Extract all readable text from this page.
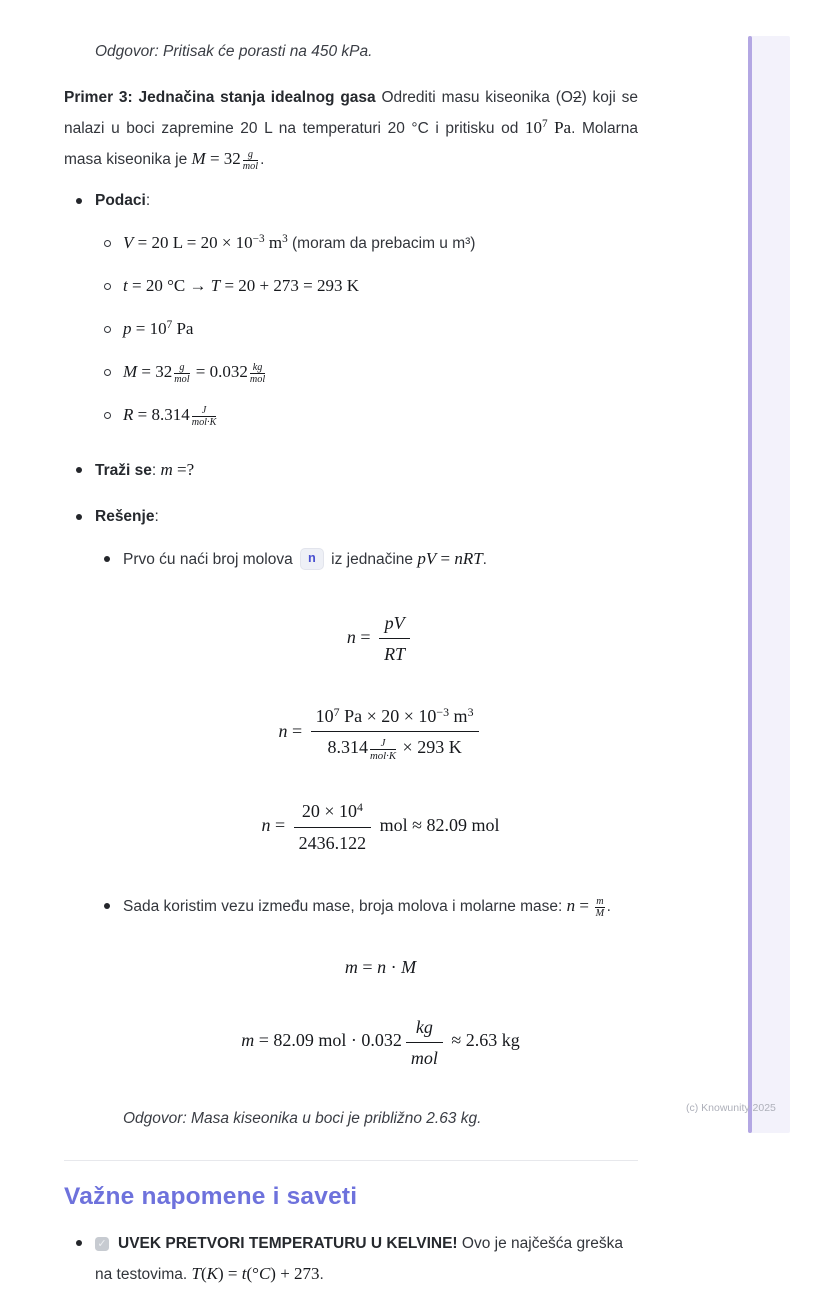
Odgovor: Pritisak će porasti na 450 kPa.

Primer 3: Jednačina stanja idealnog gasa Odrediti masu kiseonika (O2) koji se nalazi u boci zapremine 20 L na temperaturi 20 °C i pritisku od $10^7$ Pa. Molarna masa kiseonika je M = 32 g
mol .

Podaci:
V = 20 $L = 20 \times 10^{-3}$ $m^3$ (moram da prebacim u m³)
t = 20 °C → T = 20 + 273 = 293 K
$p = 10^7$ Pa
M = 32 g
mol = 0.032 kg
mol
R = 8.314	J
mol·K
Traži se: m =?
Rešenje:
Prvo ću naći broj molova n iz jednačine pV = nRT.
$n = \frac{pV}{RT}$
n =
$10^7$ $Pa \times 20 \times 10^{-3}$ $m^3$
8.314	J
mol·K × 293 K
$n = \frac{20 \times 10^4}{2436.122}$ mol ≈ 82.09 mol
Sada koristim vezu između mase, broja molova i molarne mase: $n = \frac{m}{M}$ .
m = n · M
m = 82.09 mol · 0.032
kg
mol
≈ 2.63 kg

Odgovor: Masa kiseonika u boci je približno 2.63 kg.

Važne napomene i saveti
✓ UVEK PRETVORI TEMPERATURU U KELVINE! Ovo je najčešća greška na testovima. T(K) = t(°C) + 273.
(c) Knowunity 2025
